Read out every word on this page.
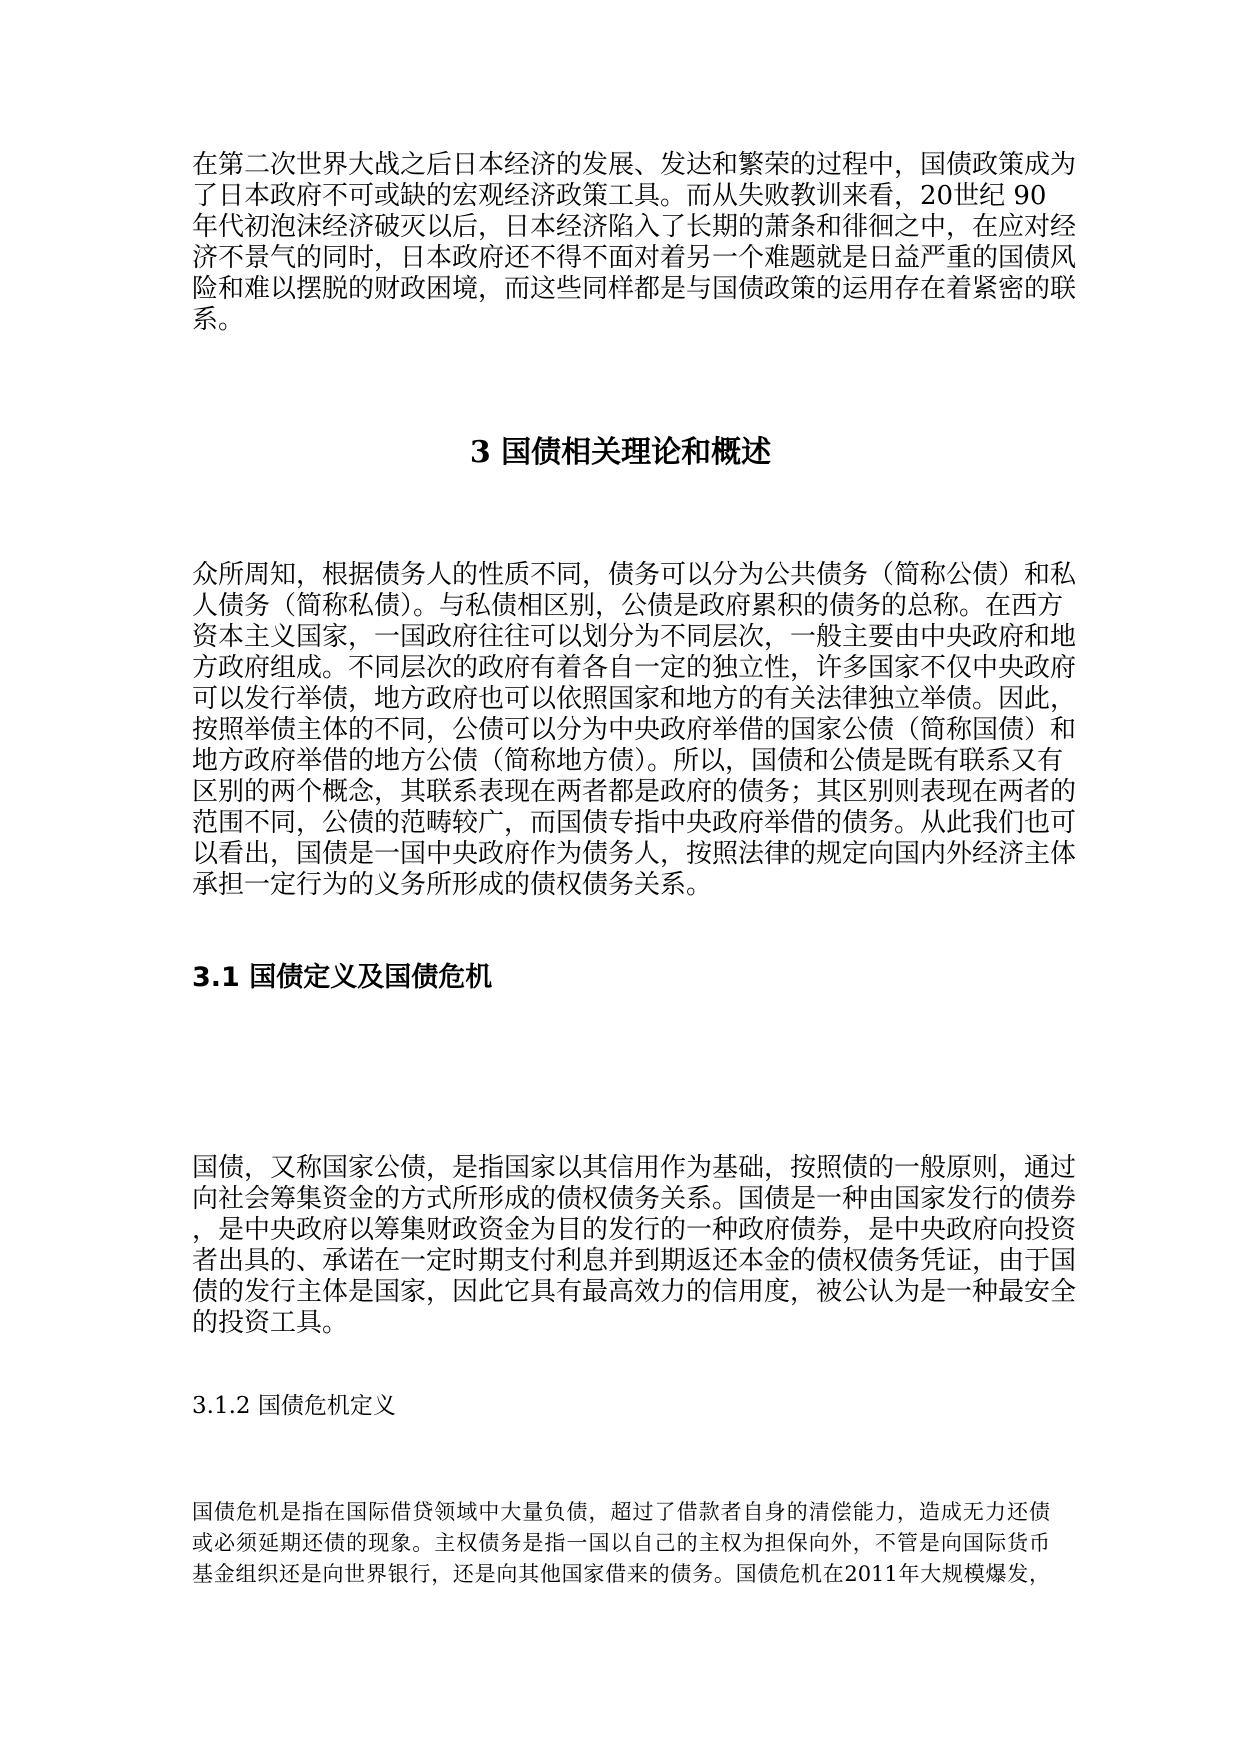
在第二次世界大战之后日本经济的发展、发达和繁荣的过程中，国债政策成为
了日本政府不可或缺的宏观经济政策工具。而从失败教训来看，20世纪 90
年代初泡沫经济破灭以后，日本经济陷入了长期的萧条和徘徊之中，在应对经
济不景气的同时，日本政府还不得不面对着另一个难题就是日益严重的国债风
险和难以摆脱的财政困境，而这些同样都是与国债政策的运用存在着紧密的联
系。
3 国债相关理论和概述
众所周知，根据债务人的性质不同，债务可以分为公共债务（简称公债）和私
人债务（简称私债）。与私债相区别，公债是政府累积的债务的总称。在西方
资本主义国家，一国政府往往可以划分为不同层次，一般主要由中央政府和地
方政府组成。不同层次的政府有着各自一定的独立性，许多国家不仅中央政府
可以发行举债，地方政府也可以依照国家和地方的有关法律独立举债。因此，
按照举债主体的不同，公债可以分为中央政府举借的国家公债（简称国债）和
地方政府举借的地方公债（简称地方债）。所以，国债和公债是既有联系又有
区别的两个概念，其联系表现在两者都是政府的债务；其区别则表现在两者的
范围不同，公债的范畴较广，而国债专指中央政府举借的债务。从此我们也可
以看出，国债是一国中央政府作为债务人，按照法律的规定向国内外经济主体
承担一定行为的义务所形成的债权债务关系。
3.1 国债定义及国债危机
国债，又称国家公债，是指国家以其信用作为基础，按照债的一般原则，通过
向社会筹集资金的方式所形成的债权债务关系。国债是一种由国家发行的债券
，是中央政府以筹集财政资金为目的发行的一种政府债券，是中央政府向投资
者出具的、承诺在一定时期支付利息并到期返还本金的债权债务凭证，由于国
债的发行主体是国家，因此它具有最高效力的信用度，被公认为是一种最安全
的投资工具。
3.1.2 国债危机定义
国债危机是指在国际借贷领域中大量负债，超过了借款者自身的清偿能力，造成无力还债
或必须延期还债的现象。主权债务是指一国以自己的主权为担保向外，不管是向国际货币
基金组织还是向世界银行，还是向其他国家借来的债务。国债危机在2011年大规模爆发，
